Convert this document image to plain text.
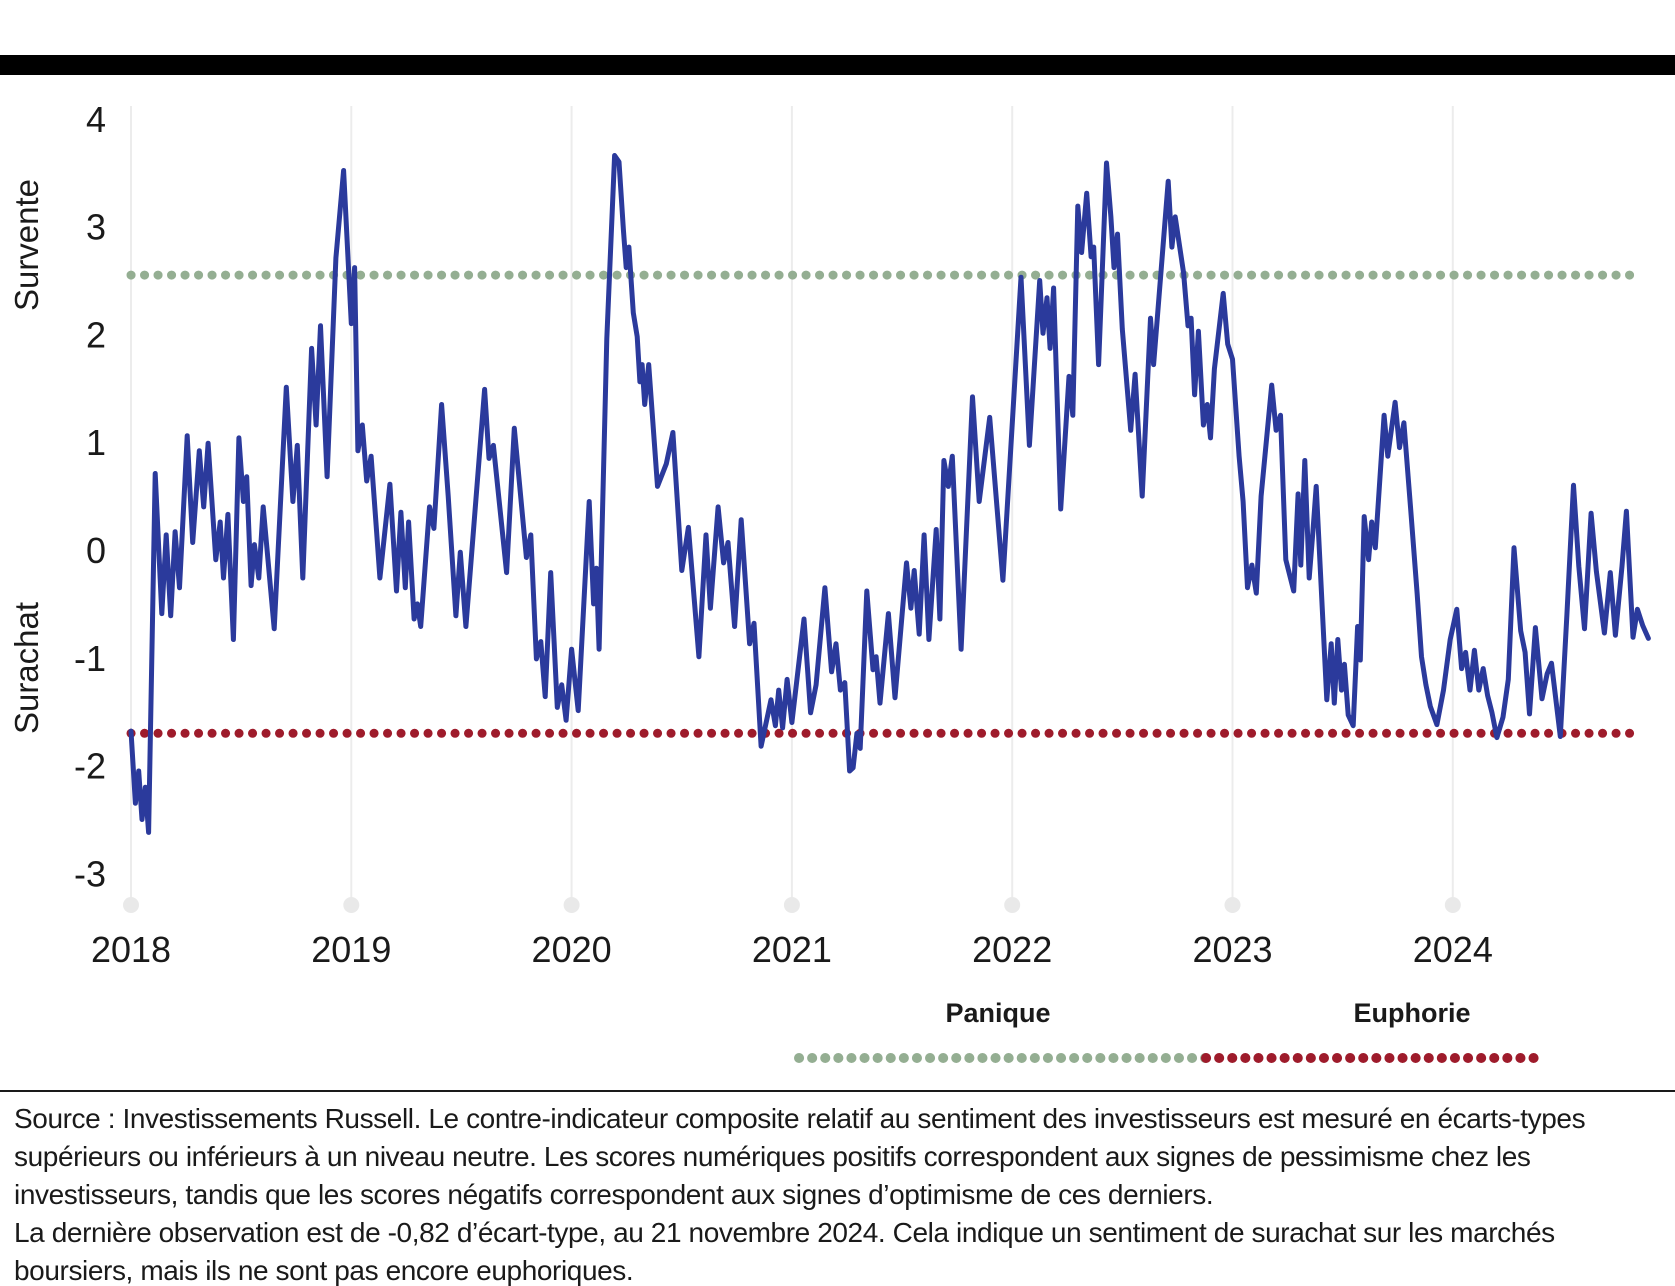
2018	2019	2020	2021	2022	2023	2024
4
3
2
1
0
-1
-2
-3
Survente
Surachat
Panique	Euphorie
Source : Investissements Russell. Le contre-indicateur composite relatif au sentiment des investisseurs est mesuré en écarts-types
supérieurs ou inférieurs à un niveau neutre. Les scores numériques positifs correspondent aux signes de pessimisme chez les
investisseurs, tandis que les scores négatifs correspondent aux signes d’optimisme de ces derniers.
La dernière observation est de -0,82 d’écart-type, au 21 novembre 2024. Cela indique un sentiment de surachat sur les marchés
boursiers, mais ils ne sont pas encore euphoriques.
